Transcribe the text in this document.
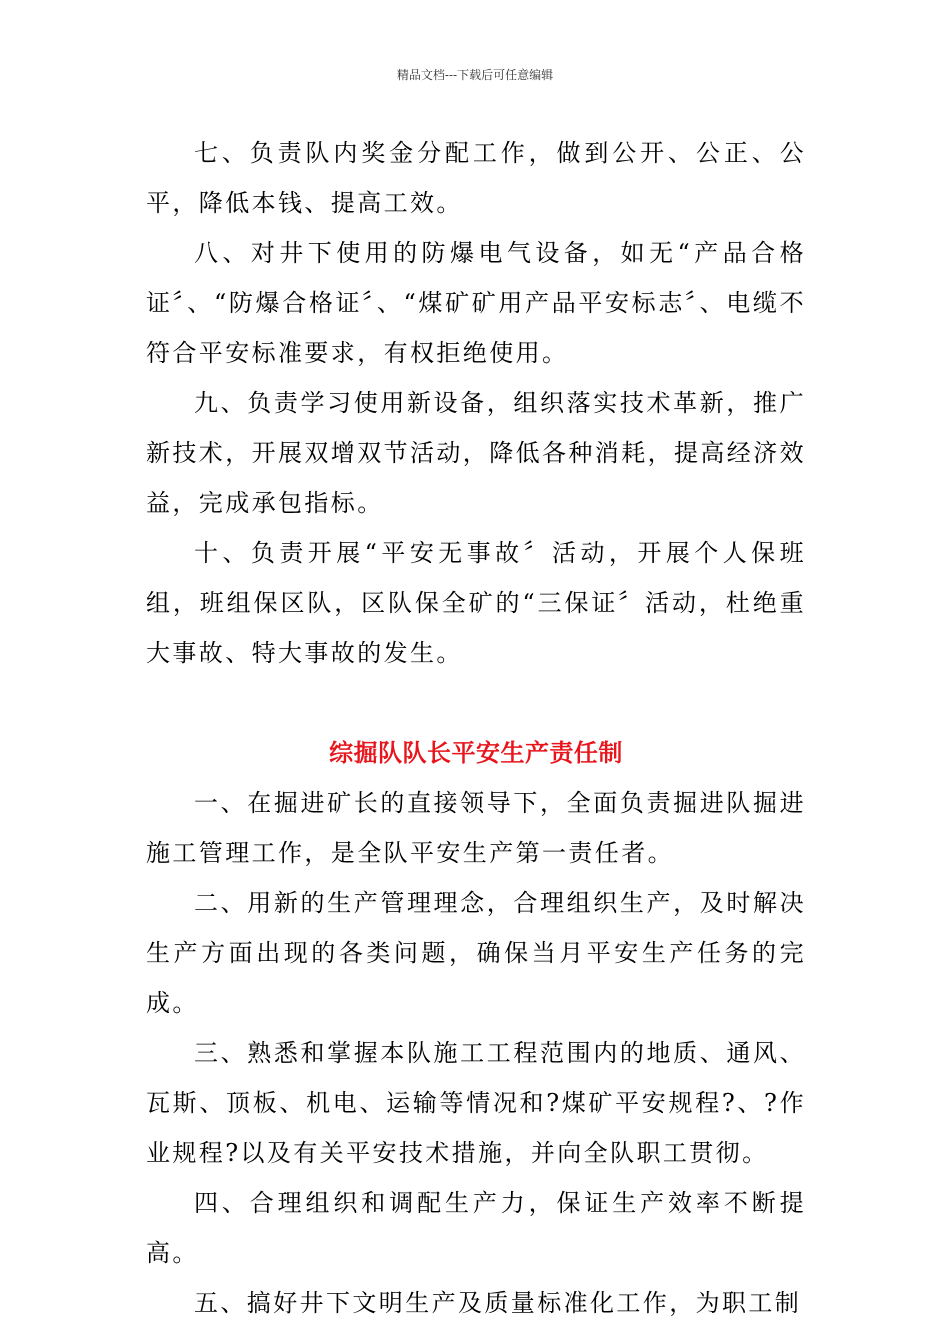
精品文档---下载后可任意编辑

七、负责队内奖金分配工作，做到公开、公正、公平，降低本钱、提高工效。

八、对井下使用的防爆电气设备，如无“产品合格证〞、“防爆合格证〞、“煤矿矿用产品平安标志〞、电缆不符合平安标准要求，有权拒绝使用。

九、负责学习使用新设备，组织落实技术革新，推广新技术，开展双增双节活动，降低各种消耗，提高经济效益，完成承包指标。

十、负责开展“平安无事故〞活动，开展个人保班组，班组保区队，区队保全矿的“三保证〞活动，杜绝重大事故、特大事故的发生。

综掘队队长平安生产责任制

一、在掘进矿长的直接领导下，全面负责掘进队掘进施工管理工作，是全队平安生产第一责任者。

二、用新的生产管理理念，合理组织生产，及时解决生产方面出现的各类问题，确保当月平安生产任务的完成。

三、熟悉和掌握本队施工工程范围内的地质、通风、瓦斯、顶板、机电、运输等情况和?煤矿平安规程?、?作业规程?以及有关平安技术措施，并向全队职工贯彻。

四、合理组织和调配生产力，保证生产效率不断提高。

五、搞好井下文明生产及质量标准化工作，为职工制
